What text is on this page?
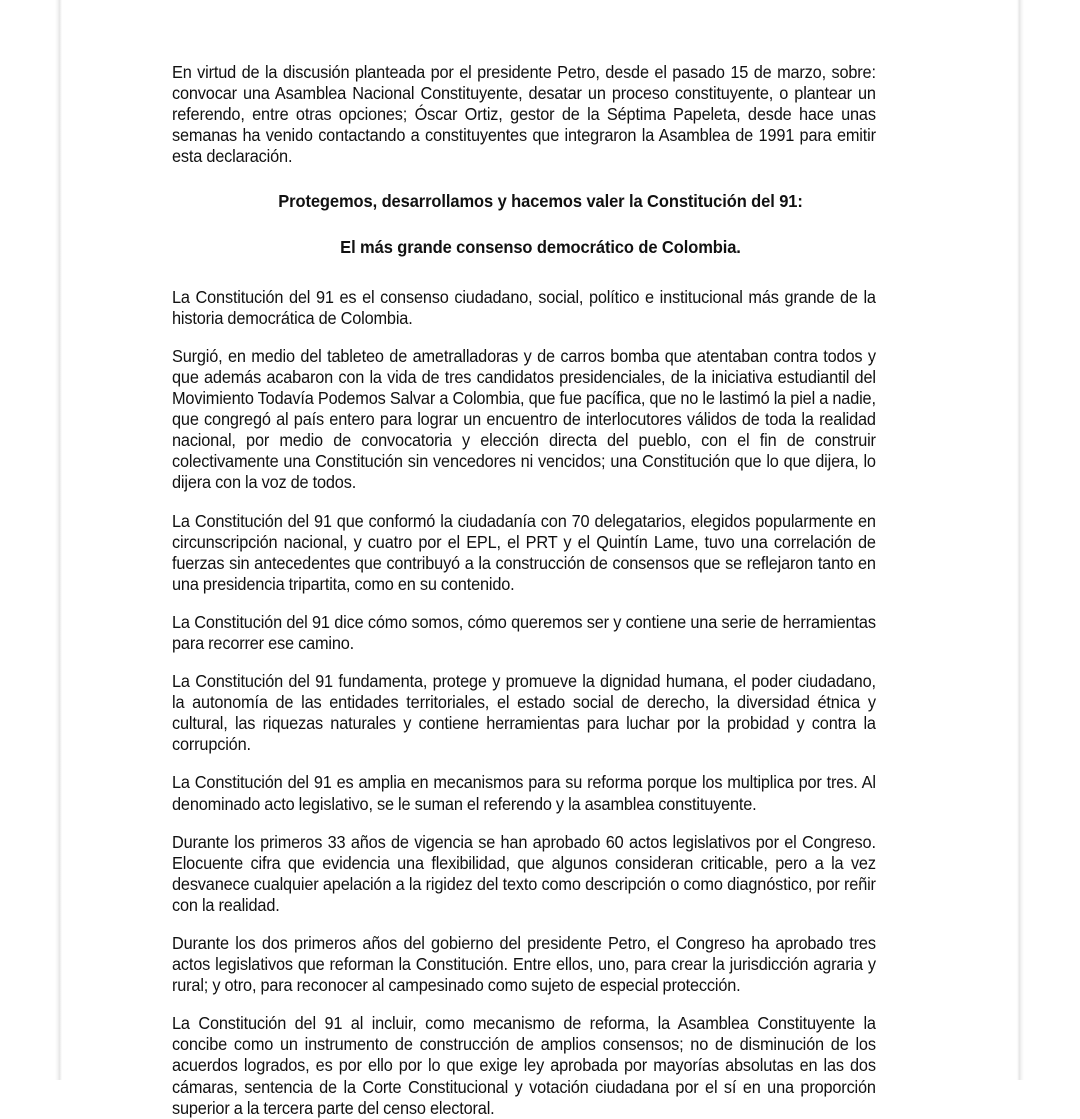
En virtud de la discusión planteada por el presidente Petro, desde el pasado 15 de marzo, sobre: convocar una Asamblea Nacional Constituyente, desatar un proceso constituyente, o plantear un referendo, entre otras opciones; Óscar Ortiz, gestor de la Séptima Papeleta, desde hace unas semanas ha venido contactando a constituyentes que integraron la Asamblea de 1991 para emitir esta declaración.

Protegemos, desarrollamos y hacemos valer la Constitución del 91:

El más grande consenso democrático de Colombia.

La Constitución del 91 es el consenso ciudadano, social, político e institucional más grande de la historia democrática de Colombia.

Surgió, en medio del tableteo de ametralladoras y de carros bomba que atentaban contra todos y que además acabaron con la vida de tres candidatos presidenciales, de la iniciativa estudiantil del Movimiento Todavía Podemos Salvar a Colombia, que fue pacífica, que no le lastimó la piel a nadie, que congregó al país entero para lograr un encuentro de interlocutores válidos de toda la realidad nacional, por medio de convocatoria y elección directa del pueblo, con el fin de construir colectivamente una Constitución sin vencedores ni vencidos; una Constitución que lo que dijera, lo dijera con la voz de todos.

La Constitución del 91 que conformó la ciudadanía con 70 delegatarios, elegidos popularmente en circunscripción nacional, y cuatro por el EPL, el PRT y el Quintín Lame, tuvo una correlación de fuerzas sin antecedentes que contribuyó a la construcción de consensos que se reflejaron tanto en una presidencia tripartita, como en su contenido.

La Constitución del 91 dice cómo somos, cómo queremos ser y contiene una serie de herramientas para recorrer ese camino.

La Constitución del 91 fundamenta, protege y promueve la dignidad humana, el poder ciudadano, la autonomía de las entidades territoriales, el estado social de derecho, la diversidad étnica y cultural, las riquezas naturales y contiene herramientas para luchar por la probidad y contra la corrupción.

La Constitución del 91 es amplia en mecanismos para su reforma porque los multiplica por tres. Al denominado acto legislativo, se le suman el referendo y la asamblea constituyente.

Durante los primeros 33 años de vigencia se han aprobado 60 actos legislativos por el Congreso. Elocuente cifra que evidencia una flexibilidad, que algunos consideran criticable, pero a la vez desvanece cualquier apelación a la rigidez del texto como descripción o como diagnóstico, por reñir con la realidad.

Durante los dos primeros años del gobierno del presidente Petro, el Congreso ha aprobado tres actos legislativos que reforman la Constitución. Entre ellos, uno, para crear la jurisdicción agraria y rural; y otro, para reconocer al campesinado como sujeto de especial protección.

La Constitución del 91 al incluir, como mecanismo de reforma, la Asamblea Constituyente la concibe como un instrumento de construcción de amplios consensos; no de disminución de los acuerdos logrados, es por ello por lo que exige ley aprobada por mayorías absolutas en las dos cámaras, sentencia de la Corte Constitucional y votación ciudadana por el sí en una proporción superior a la tercera parte del censo electoral.
